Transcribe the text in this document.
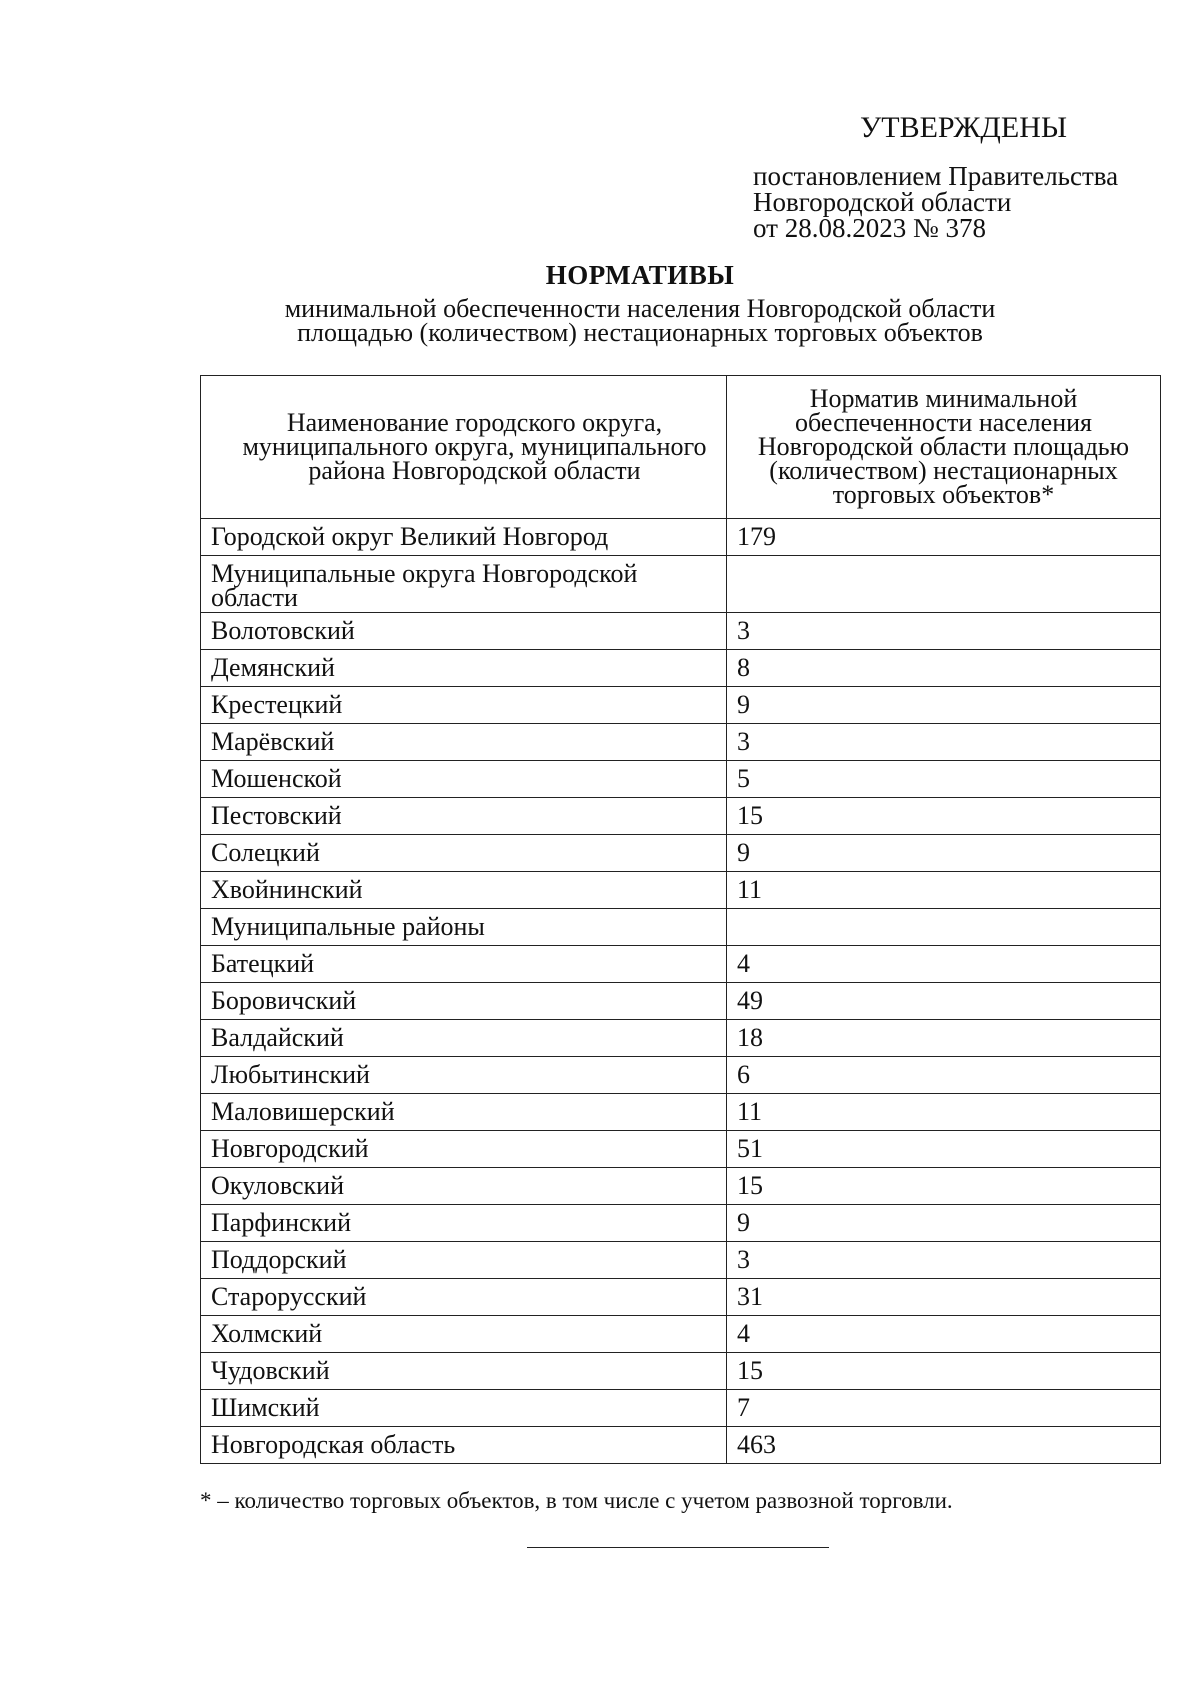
УТВЕРЖДЕНЫ
постановлением Правительства
Новгородской области
от 28.08.2023 № 378
НОРМАТИВЫ
минимальной обеспеченности населения Новгородской области
площадью (количеством) нестационарных торговых объектов
Наименование городского округа, муниципального округа, муниципального района Новгородской области	Норматив минимальной обеспеченности населения Новгородской области площадью (количеством) нестационарных торговых объектов*
Городской округ Великий Новгород	179
Муниципальные округа Новгородской области	
Волотовский	3
Демянский	8
Крестецкий	9
Марёвский	3
Мошенской	5
Пестовский	15
Солецкий	9
Хвойнинский	11
Муниципальные районы	
Батецкий	4
Боровичский	49
Валдайский	18
Любытинский	6
Маловишерский	11
Новгородский	51
Окуловский	15
Парфинский	9
Поддорский	3
Старорусский	31
Холмский	4
Чудовский	15
Шимский	7
Новгородская область	463
* – количество торговых объектов, в том числе с учетом развозной торговли.
